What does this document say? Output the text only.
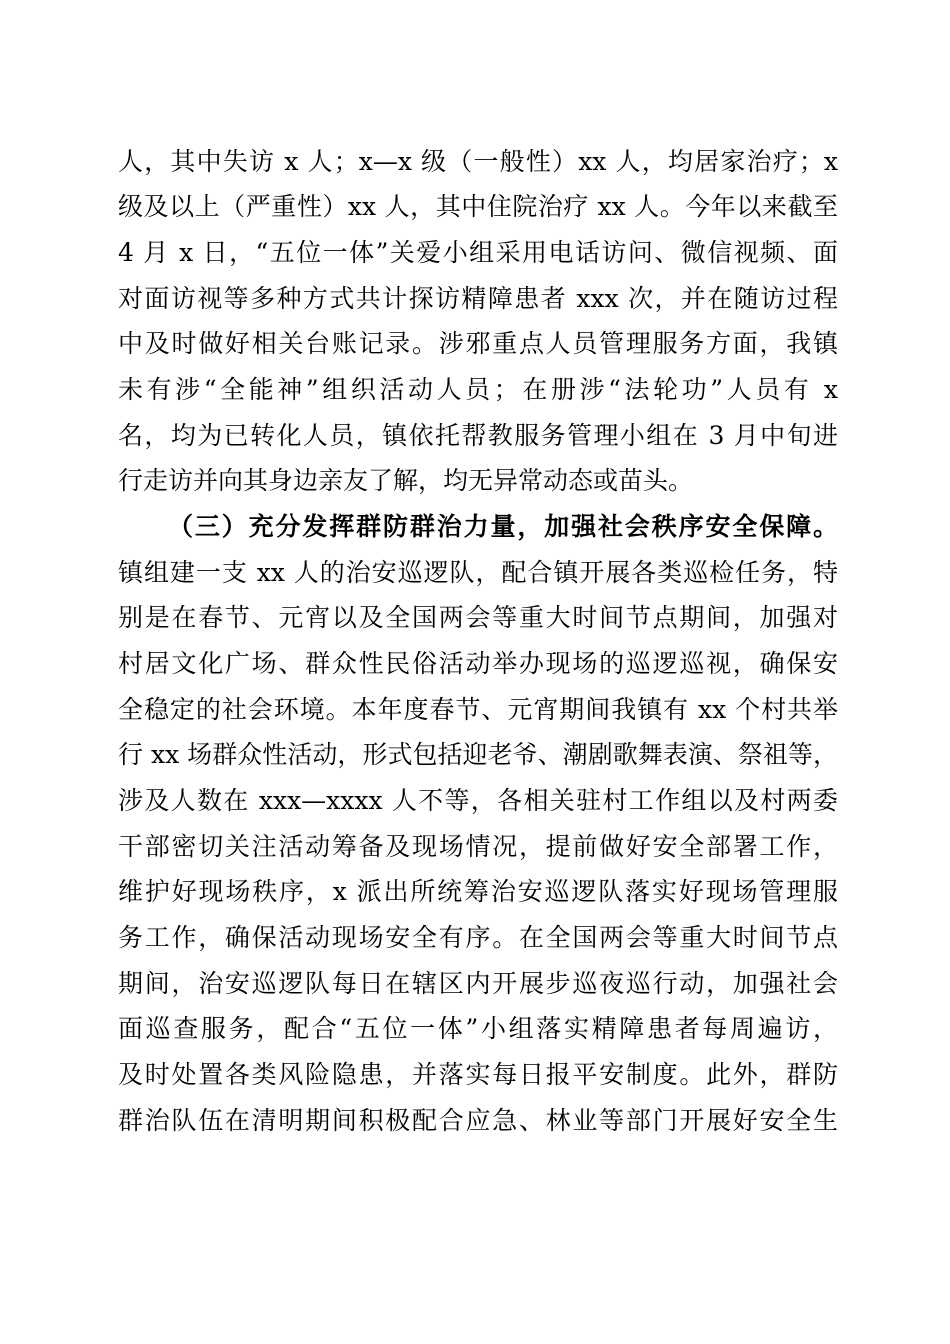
人，其中失访 x 人；x—x 级（一般性）xx 人，均居家治疗；x
级及以上（严重性）xx 人，其中住院治疗 xx 人。今年以来截至
4 月 x 日，“五位一体”关爱小组采用电话访问、微信视频、面
对面访视等多种方式共计探访精障患者 xxx 次，并在随访过程
中及时做好相关台账记录。涉邪重点人员管理服务方面，我镇
未有涉“全能神”组织活动人员；在册涉“法轮功”人员有 x
名，均为已转化人员，镇依托帮教服务管理小组在 3 月中旬进
行走访并向其身边亲友了解，均无异常动态或苗头。
（三）充分发挥群防群治力量，加强社会秩序安全保障。
镇组建一支 xx 人的治安巡逻队，配合镇开展各类巡检任务，特
别是在春节、元宵以及全国两会等重大时间节点期间，加强对
村居文化广场、群众性民俗活动举办现场的巡逻巡视，确保安
全稳定的社会环境。本年度春节、元宵期间我镇有 xx 个村共举
行 xx 场群众性活动，形式包括迎老爷、潮剧歌舞表演、祭祖等，
涉及人数在 xxx—xxxx 人不等，各相关驻村工作组以及村两委
干部密切关注活动筹备及现场情况，提前做好安全部署工作，
维护好现场秩序，x 派出所统筹治安巡逻队落实好现场管理服
务工作，确保活动现场安全有序。在全国两会等重大时间节点
期间，治安巡逻队每日在辖区内开展步巡夜巡行动，加强社会
面巡查服务，配合“五位一体”小组落实精障患者每周遍访，
及时处置各类风险隐患，并落实每日报平安制度。此外，群防
群治队伍在清明期间积极配合应急、林业等部门开展好安全生
